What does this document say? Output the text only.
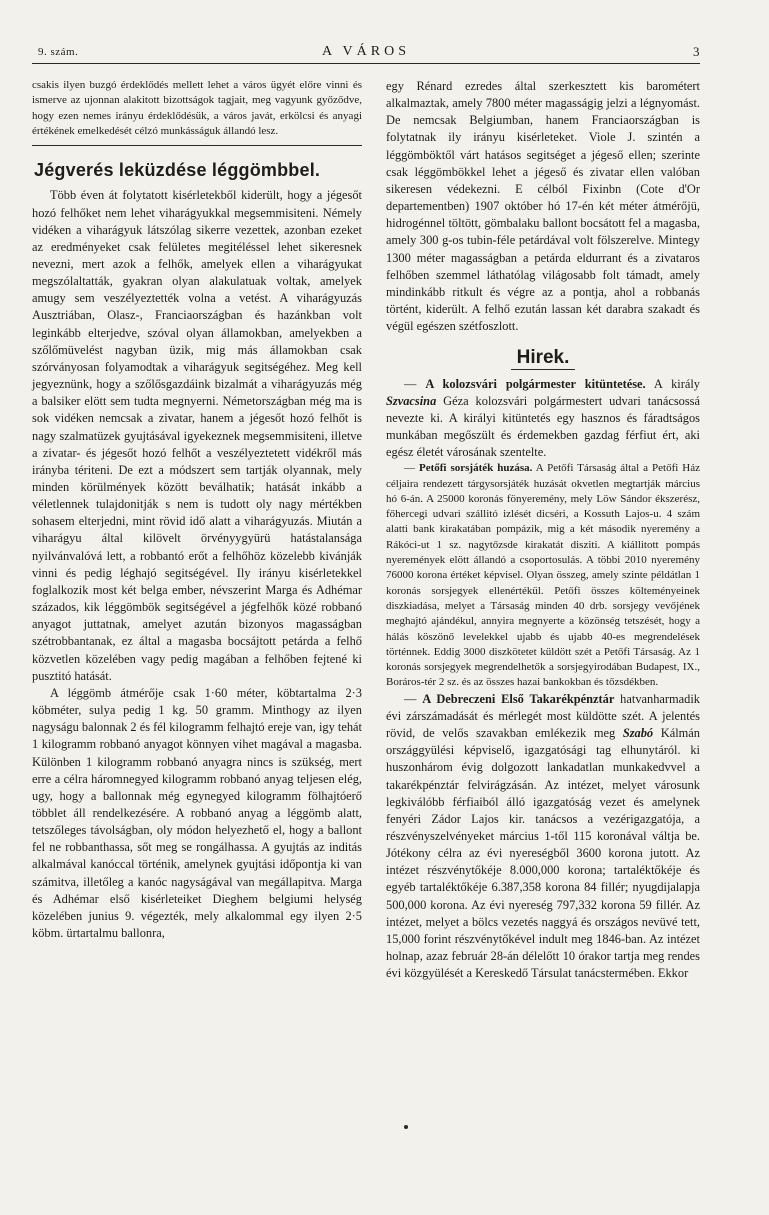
9. szám.	A VÁROS	3

csakis ilyen buzgó érdeklődés mellett lehet a város ügyét előre vinni és ismerve az ujonnan alakitott bizottságok tagjait, meg vagyunk győződve, hogy ezen nemes irányu érdeklődésük, a város javát, erkölcsi és anyagi értékének emelkedését célzó munkásságuk állandó lesz.

Jégverés leküzdése léggömbbel.

Több éven át folytatott kisérletekből kiderült, hogy a jégesőt hozó felhőket nem lehet viharágyukkal megsemmisiteni. Némely vidéken a viharágyuk látszólag sikerre vezettek, azonban ezeket az eredményeket csak felületes megitéléssel lehet sikeresnek nevezni, mert azok a felhők, amelyek ellen a viharágyukat megszólaltatták, gyakran olyan alakulatuak voltak, amelyek amugy sem veszélyeztették volna a vetést. A viharágyuzás Ausztriában, Olasz-, Franciaországban és hazánkban volt leginkább elterjedve, szóval olyan államokban, amelyekben a szőlőmüvelést nagyban üzik, mig más államokban csak szórványosan folyamodtak a viharágyuk segitségéhez. Meg kell jegyeznünk, hogy a szőlősgazdáink bizalmát a viharágyuzás még a balsiker elött sem tudta megnyerni. Németországban még ma is sok vidéken nemcsak a zivatar, hanem a jégesőt hozó felhőt is nagy szalmatüzek gyujtásával igyekeznek megsemmisiteni, illetve a zivatar- és jégesőt hozó felhőt a veszélyeztetett vidékről más irányba tériteni. De ezt a módszert sem tartják olyannak, mely minden körülmények között beválhatik; hatását inkább a véletlennek tulajdonitják s nem is tudott oly nagy mértékben sohasem elterjedni, mint rövid idő alatt a viharágyuzás. Miután a viharágyu által kilövelt örvényygyürü hatástalansága nyilvánvalóvá lett, a robbantó erőt a felhőhöz közelebb kivánják vinni és pedig léghajó segitségével. Ily irányu kisérletekkel foglalkozik most két belga ember, névszerint Marga és Adhémar százados, kik léggömbök segitségével a jégfelhők közé robbanó anyagot juttatnak, amelyet azután bizonyos magasságban szétrobbantanak, ez által a magasba bocsájtott petárda a felhő közvetlen közelében vagy pedig magában a felhőben fejtené ki pusztitó hatását.

A léggömb átmérője csak 1·60 méter, köbtartalma 2·3 köbméter, sulya pedig 1 kg. 50 gramm. Minthogy az ilyen nagyságu balonnak 2 és fél kilogramm felhajtó ereje van, igy tehát 1 kilogramm robbanó anyagot könnyen vihet magával a magasba. Különben 1 kilogramm robbanó anyagra nincs is szükség, mert erre a célra háromnegyed kilogramm robbanó anyag teljesen elég, ugy, hogy a ballonnak még egynegyed kilogramm fölhajtóerő többlet áll rendelkezésére. A robbanó anyag a léggömb alatt, tetszőleges távolságban, oly módon helyezhető el, hogy a ballont fel ne robbanthassa, sőt meg se rongálhassa. A gyujtás az inditás alkalmával kanóccal történik, amelynek gyujtási időpontja ki van számitva, illetőleg a kanóc nagyságával van megállapitva. Marga és Adhémar első kisérleteiket Dieghem belgiumi helység közelében junius 9. végezték, mely alkalommal egy ilyen 2·5 köbm. ürtartalmu ballonra,

egy Rénard ezredes által szerkesztett kis barométert alkalmaztak, amely 7800 méter magasságig jelzi a légnyomást. De nemcsak Belgiumban, hanem Franciaországban is folytatnak ily irányu kisérleteket. Viole J. szintén a léggömböktől várt hatásos segitséget a jégeső ellen; szerinte csak léggömbökkel lehet a jégeső és zivatar ellen valóban sikeresen védekezni. E célból Fixinbn (Cote d'Or departementben) 1907 október hó 17-én két méter átmérőjü, hidrogénnel töltött, gömbalaku ballont bocsátott fel a magasba, amely 300 g-os tubin-féle petárdával volt fölszerelve. Mintegy 1300 méter magasságban a petárda eldurrant és a zivataros felhőben szemmel láthatólag világosabb folt támadt, amely mindinkább ritkult és végre az a pontja, ahol a robbanás történt, kiderült. A felhő ezután lassan két darabra szakadt és végül egészen szétfoszlott.

Hirek.

— A kolozsvári polgármester kitüntetése. A király Szvacsina Géza kolozsvári polgármestert udvari tanácsossá nevezte ki. A királyi kitüntetés egy hasznos és fáradtságos munkában megőszült és érdemekben gazdag férfiut ért, aki egész életét városának szentelte.

— Petőfi sorsjáték huzása. A Petőfi Társaság által a Petőfi Ház céljaira rendezett tárgysorsjáték huzását okvetlen megtartják március hó 6-án. A 25000 koronás fönyeremény, mely Löw Sándor ékszerész, főhercegi udvari szállitó izlését dicséri, a Kossuth Lajos-u. 4 szám alatti bank kirakatában pompázik, mig a két második nyeremény a Rákóci-ut 1 sz. nagytőzsde kirakatát disziti. A kiállitott pompás nyeremények elött állandó a csoportosulás. A többi 2010 nyeremény 76000 korona értéket képvisel. Olyan összeg, amely szinte példátlan 1 koronás sorsjegyek ellenértékül. Petőfi összes költeményeinek diszkiadása, melyet a Társaság minden 40 drb. sorsjegy vevőjének meghajtó ajándékul, annyira megnyerte a közönség tetszését, hogy a hálás köszönő levelekkel ujabb és ujabb 40-es megrendelések történnek. Eddig 3000 diszkötetet küldött szét a Petőfi Társaság. Az 1 koronás sorsjegyek megrendelhetők a sorsjegyirodában Budapest, IX., Boráros-tér 2 sz. és az összes hazai bankokban és tőzsdékben.

— A Debreczeni Első Takarékpénztár hatvanharmadik évi zárszámadását és mérlegét most küldötte szét. A jelentés rövid, de velős szavakban emlékezik meg Szabó Kálmán országgyülési képviselő, igazgatósági tag elhunytáról. ki huszonhárom évig dolgozott lankadatlan munkakedvvel a takarékpénztár felvirágzásán. Az intézet, melyet városunk legkiválóbb férfiaiból álló igazgatóság vezet és amelynek fenyéri Zádor Lajos kir. tanácsos a vezérigazgatója, a részvényszelvényeket március 1-től 115 koronával váltja be. Jótékony célra az évi nyereségből 3600 korona jutott. Az intézet részvénytőkéje 8.000,000 korona; tartaléktőkéje és egyéb tartaléktőkéje 6.387,358 korona 84 fillér; nyugdijalapja 500,000 korona. Az évi nyereség 797,332 korona 59 fillér. Az intézet, melyet a bölcs vezetés naggyá és országos nevüvé tett, 15,000 forint részvénytőkével indult meg 1846-ban. Az intézet holnap, azaz február 28-án délelőtt 10 órakor tartja meg rendes évi közgyülését a Kereskedő Társulat tanácstermében. Ekkor
